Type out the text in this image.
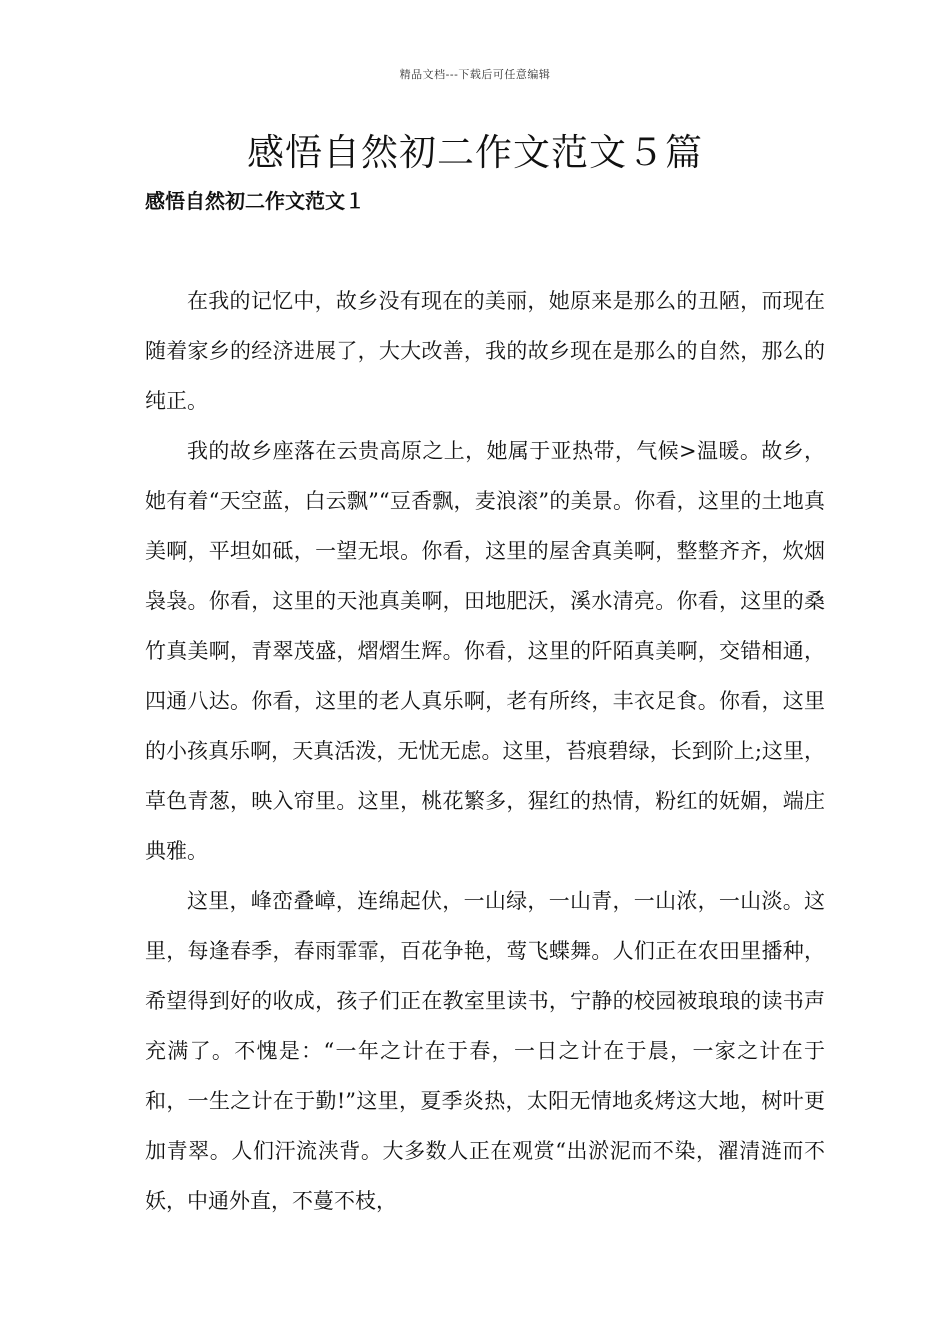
精品文档---下载后可任意编辑
感悟自然初二作文范文５篇
感悟自然初二作文范文１

在我的记忆中，故乡没有现在的美丽，她原来是那么的丑陋，而现在随着家乡的经济进展了，大大改善，我的故乡现在是那么的自然，那么的纯正。

我的故乡座落在云贵高原之上，她属于亚热带，气候>温暖。故乡，她有着“天空蓝，白云飘”“豆香飘，麦浪滚”的美景。你看，这里的土地真美啊，平坦如砥，一望无垠。你看，这里的屋舍真美啊，整整齐齐，炊烟袅袅。你看，这里的天池真美啊，田地肥沃，溪水清亮。你看，这里的桑竹真美啊，青翠茂盛，熠熠生辉。你看，这里的阡陌真美啊，交错相通，四通八达。你看，这里的老人真乐啊，老有所终，丰衣足食。你看，这里的小孩真乐啊，天真活泼，无忧无虑。这里，苔痕碧绿，长到阶上;这里，草色青葱，映入帘里。这里，桃花繁多，猩红的热情，粉红的妩媚，端庄典雅。

这里，峰峦叠嶂，连绵起伏，一山绿，一山青，一山浓，一山淡。这里，每逢春季，春雨霏霏，百花争艳，莺飞蝶舞。人们正在农田里播种，希望得到好的收成，孩子们正在教室里读书，宁静的校园被琅琅的读书声充满了。不愧是：“一年之计在于春，一日之计在于晨，一家之计在于和，一生之计在于勤!”这里，夏季炎热，太阳无情地炙烤这大地，树叶更加青翠。人们汗流浃背。大多数人正在观赏“出淤泥而不染，濯清涟而不妖，中通外直，不蔓不枝，
